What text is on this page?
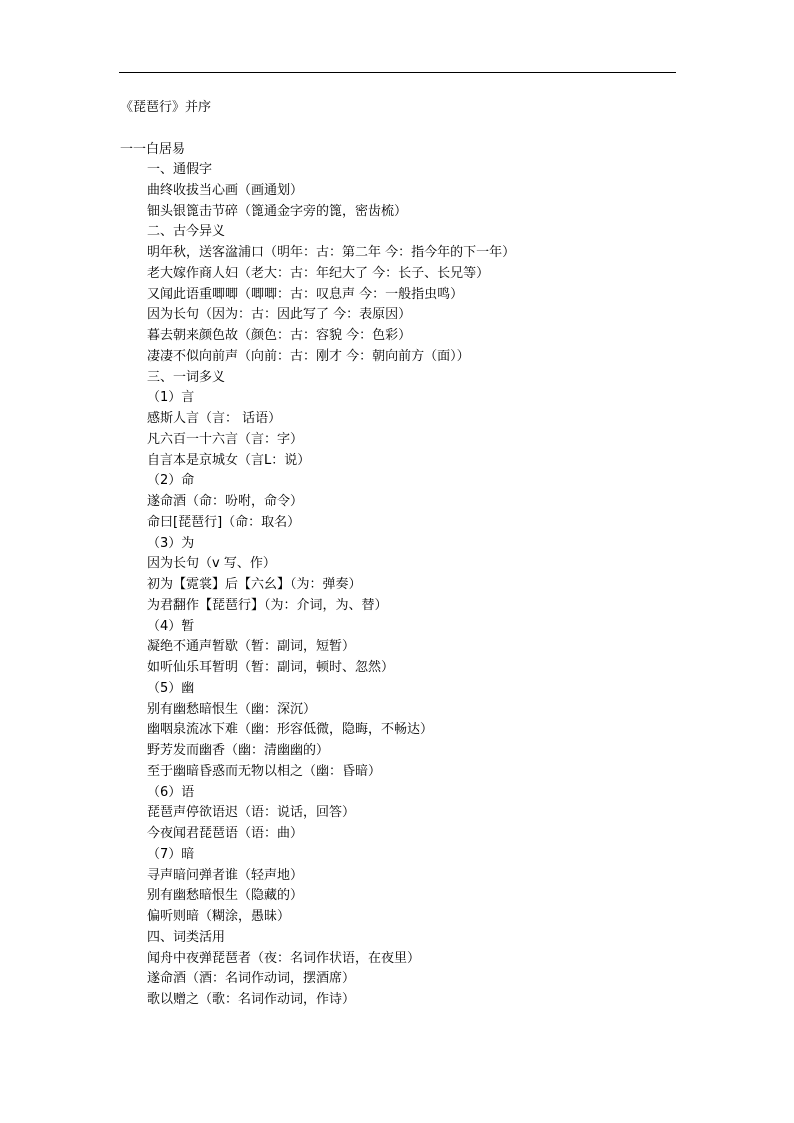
《琵琶行》并序
一一白居易
一、通假字
曲终收拔当心画（画通划）
钿头银篦击节碎（篦通金字旁的篦，密齿梳）
二、古今异义
明年秋，送客湓浦口（明年：古：第二年 今：指今年的下一年）
老大嫁作商人妇（老大：古：年纪大了 今：长子、长兄等）
又闻此语重唧唧（唧唧：古：叹息声 今：一般指虫鸣）
因为长句（因为：古：因此写了 今：表原因）
暮去朝来颜色故（颜色：古：容貌 今：色彩）
凄凄不似向前声（向前：古：刚才 今：朝向前方（面））
三、一词多义
（1）言
感斯人言（言： 话语）
凡六百一十六言（言：字）
自言本是京城女（言L：说）
（2）命
遂命酒（命：吩咐，命令）
命曰[琵琶行]（命：取名）
（3）为
因为长句（v 写、作）
初为【霓裳】后【六幺】（为：弹奏）
为君翻作【琵琶行】（为：介词，为、替）
（4）暂
凝绝不通声暂歇（暂：副词，短暂）
如听仙乐耳暂明（暂：副词，顿时、忽然）
（5）幽
别有幽愁暗恨生（幽：深沉）
幽咽泉流冰下难（幽：形容低微，隐晦，不畅达）
野芳发而幽香（幽：清幽幽的）
至于幽暗昏惑而无物以相之（幽：昏暗）
（6）语
琵琶声停欲语迟（语：说话，回答）
今夜闻君琵琶语（语：曲）
（7）暗
寻声暗问弹者谁（轻声地）
别有幽愁暗恨生（隐藏的）
偏听则暗（糊涂，愚昧）
四、词类活用
闻舟中夜弹琵琶者（夜：名词作状语，在夜里）
遂命酒（酒：名词作动词，摆酒席）
歌以赠之（歌：名词作动词，作诗）
